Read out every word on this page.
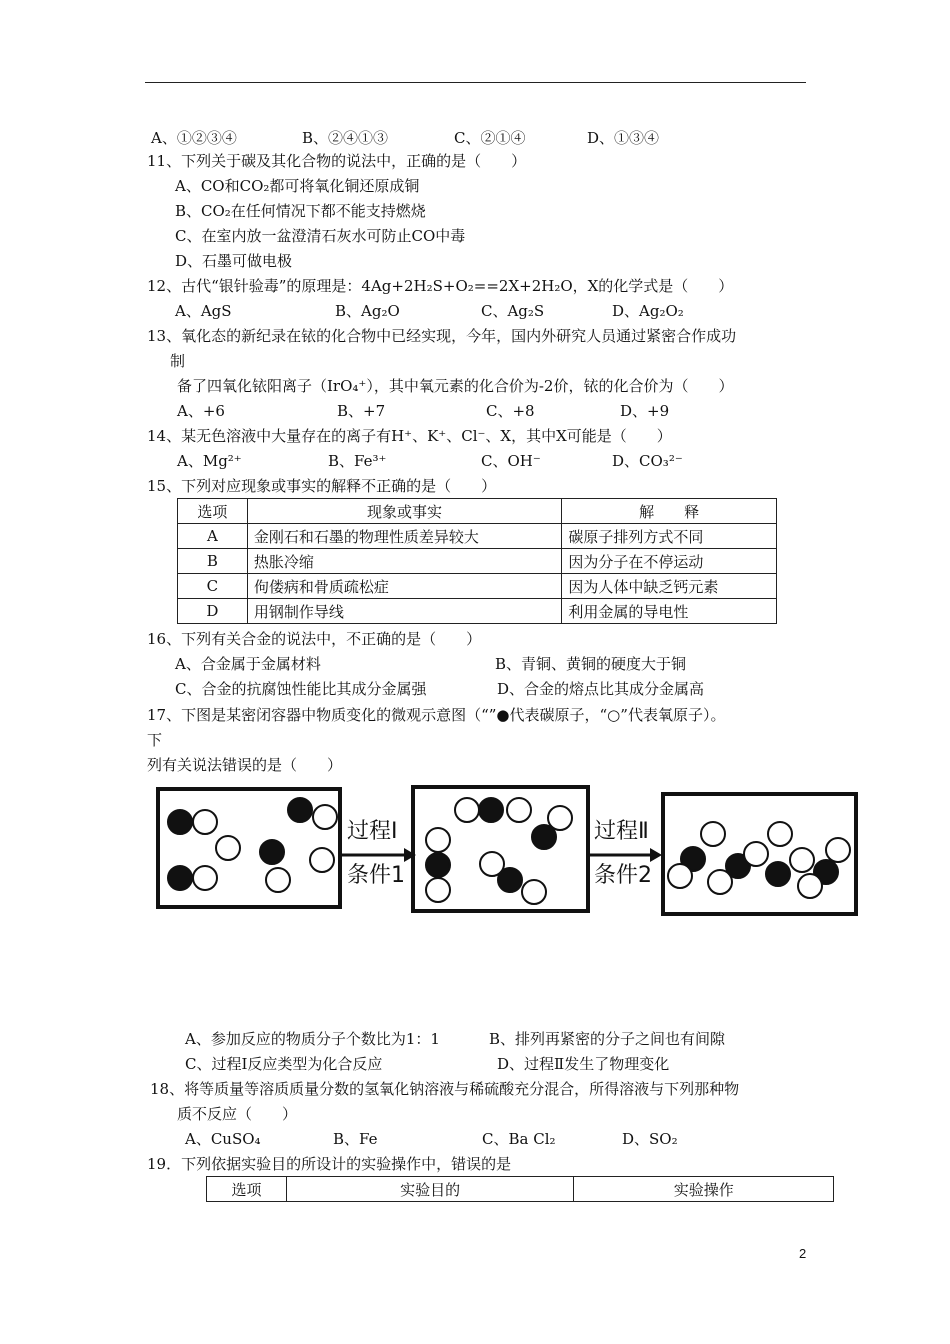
A、①②③④	B、②④①③	C、②①④	D、①③④
11、下列关于碳及其化合物的说法中，正确的是（　　）
A、CO和CO₂都可将氧化铜还原成铜
B、CO₂在任何情况下都不能支持燃烧
C、在室内放一盆澄清石灰水可防止CO中毒
D、石墨可做电极
12、古代“银针验毒”的原理是：4Ag+2H₂S+O₂==2X+2H₂O，X的化学式是（　　）
A、AgS	B、Ag₂O	C、Ag₂S	D、Ag₂O₂
13、氧化态的新纪录在铱的化合物中已经实现，今年，国内外研究人员通过紧密合作成功
制
备了四氧化铱阳离子（IrO₄⁺），其中氧元素的化合价为-2价，铱的化合价为（　　）
A、+6	B、+7	C、+8	D、+9
14、某无色溶液中大量存在的离子有H⁺、K⁺、Cl⁻、X，其中X可能是（　　）
A、Mg²⁺	B、Fe³⁺	C、OH⁻	D、CO₃²⁻
15、下列对应现象或事实的解释不正确的是（　　）
选项	现象或事实	解　　释
A	金刚石和石墨的物理性质差异较大	碳原子排列方式不同
B	热胀冷缩	因为分子在不停运动
C	佝偻病和骨质疏松症	因为人体中缺乏钙元素
D	用钢制作导线	利用金属的导电性
16、下列有关合金的说法中，不正确的是（　　）
A、合金属于金属材料	B、青铜、黄铜的硬度大于铜
C、合金的抗腐蚀性能比其成分金属强	D、合金的熔点比其成分金属高
17、下图是某密闭容器中物质变化的微观示意图（“”●代表碳原子，“○”代表氧原子）。
下
列有关说法错误的是（　　）
过程Ⅰ
条件1
过程Ⅱ
条件2
A、参加反应的物质分子个数比为1：1	B、排列再紧密的分子之间也有间隙
C、过程Ⅰ反应类型为化合反应	D、过程Ⅱ发生了物理变化
18、将等质量等溶质质量分数的氢氧化钠溶液与稀硫酸充分混合，所得溶液与下列那种物
质不反应（　　）
A、CuSO₄	B、Fe	C、Ba Cl₂	D、SO₂
19．下列依据实验目的所设计的实验操作中，错误的是
选项	实验目的	实验操作
2
